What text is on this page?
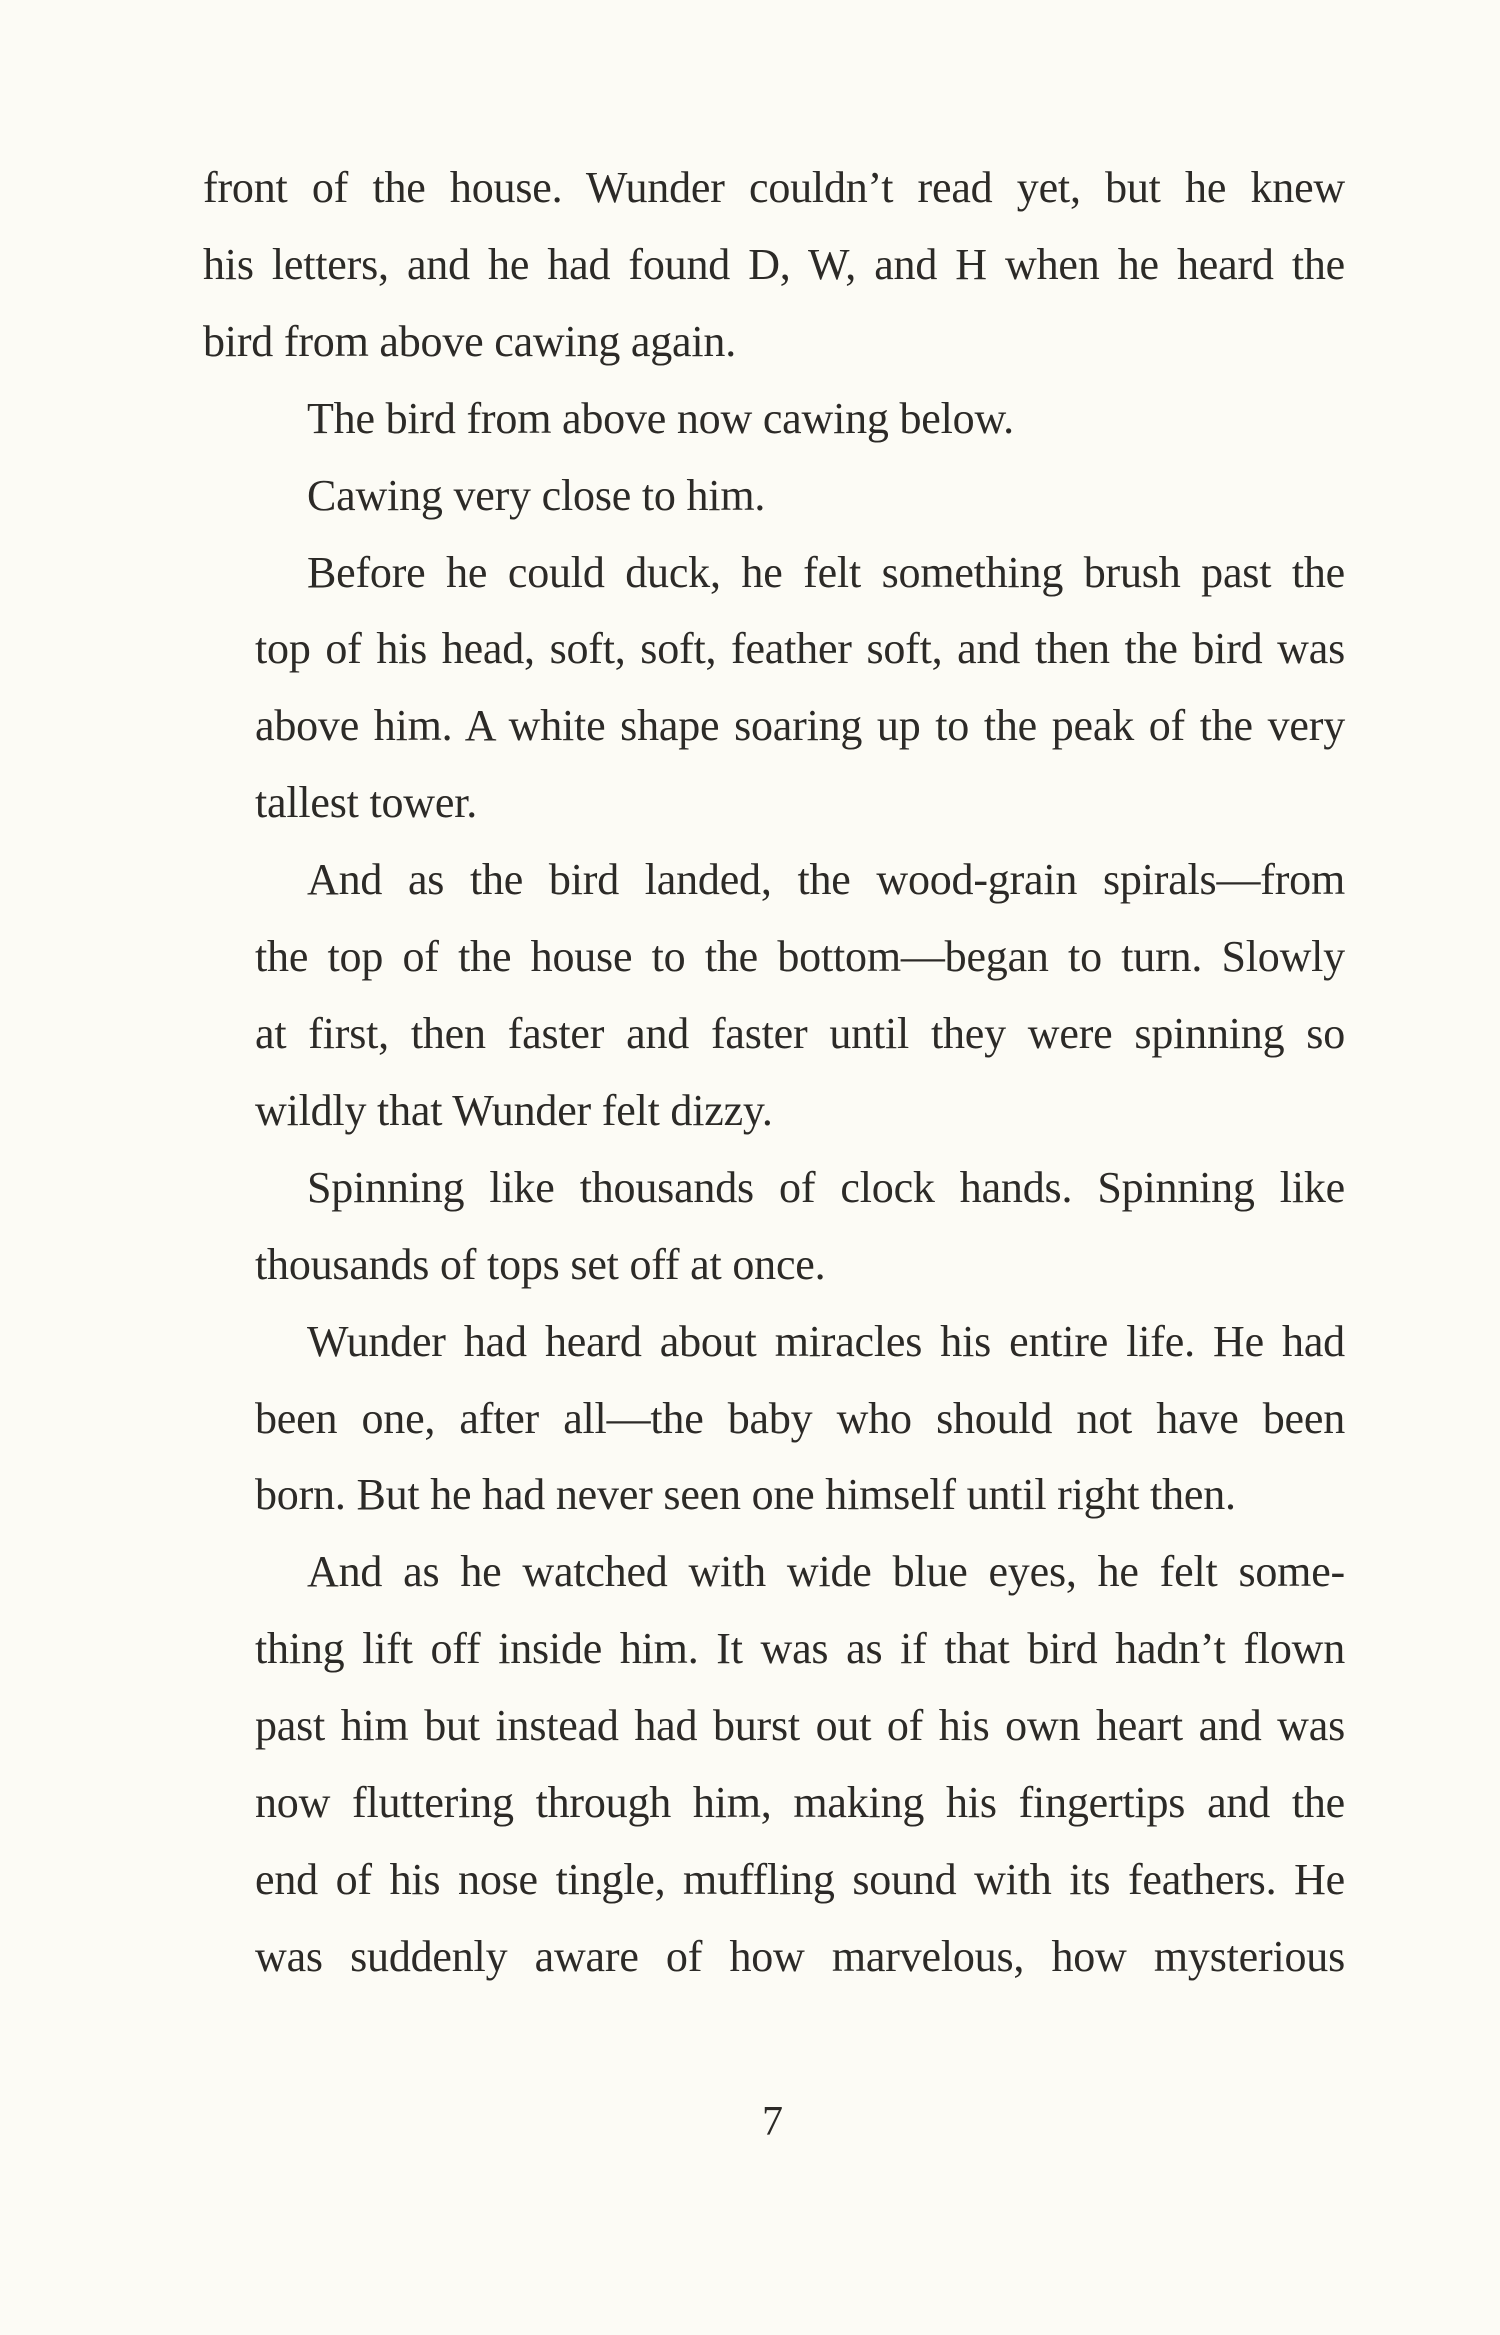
front of the house. Wunder couldn’t read yet, but he knew
his letters, and he had found D, W, and H when he heard the
bird from above cawing again.

The bird from above now cawing below.

Cawing very close to him.

Before he could duck, he felt something brush past the
top of his head, soft, soft, feather soft, and then the bird was
above him. A white shape soaring up to the peak of the very
tallest tower.

And as the bird landed, the wood-grain spirals—from
the top of the house to the bottom—began to turn. Slowly
at first, then faster and faster until they were spinning so
wildly that Wunder felt dizzy.

Spinning like thousands of clock hands. Spinning like
thousands of tops set off at once.

Wunder had heard about miracles his entire life. He had
been one, after all—the baby who should not have been
born. But he had never seen one himself until right then.

And as he watched with wide blue eyes, he felt some-
thing lift off inside him. It was as if that bird hadn’t flown
past him but instead had burst out of his own heart and was
now fluttering through him, making his fingertips and the
end of his nose tingle, muffling sound with its feathers. He
was suddenly aware of how marvelous, how mysterious

7
